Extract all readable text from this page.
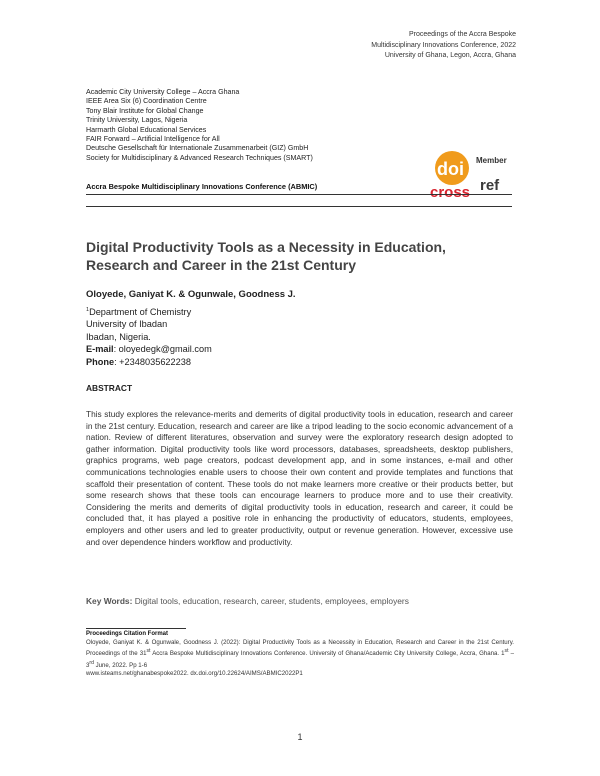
Proceedings of the Accra Bespoke
Multidisciplinary Innovations Conference, 2022
University of Ghana, Legon, Accra, Ghana
Academic City University College – Accra Ghana
IEEE Area Six (6) Coordination Centre
Tony Blair Institute for Global Change
Trinity University, Lagos, Nigeria
Harmarth Global Educational Services
FAIR Forward – Artificial Intelligence for All
Deutsche Gesellschaft für Internationale Zusammenarbeit (GIZ) GmbH
Society for Multidisciplinary & Advanced Research Techniques (SMART)	Member
doi
cross ref
Accra Bespoke Multidisciplinary Innovations Conference (ABMIC)
Digital Productivity Tools as a Necessity in Education,
Research and Career in the 21st Century
Oloyede, Ganiyat K. & Ogunwale, Goodness J.
$^1$Department of Chemistry
University of Ibadan
Ibadan, Nigeria.
E-mail: oloyedegk@gmail.com
Phone: +2348035622238
ABSTRACT
This study explores the relevance-merits and demerits of digital productivity tools in education, research and career in the 21st century. Education, research and career are like a tripod leading to the socio economic advancement of a nation. Review of different literatures, observation and survey were the exploratory research design adopted to gather information. Digital productivity tools like word processors, databases, spreadsheets, desktop publishers, graphics programs, web page creators, podcast development app, and in some instances, e-mail and other communications technologies enable users to choose their own content and provide templates and functions that scaffold their presentation of content. These tools do not make learners more creative or their products better, but some research shows that these tools can encourage learners to produce more and to use their creativity. Considering the merits and demerits of digital productivity tools in education, research and career, it could be concluded that, it has played a positive role in enhancing the productivity of educators, students, employees, employers and other users and led to greater productivity, output or revenue generation. However, excessive use and over dependence hinders workflow and productivity.
Key Words: Digital tools, education, research, career, students, employees, employers
Proceedings Citation Format
Oloyede, Ganiyat K. & Ogunwale, Goodness J. (2022): Digital Productivity Tools as a Necessity in Education, Research and Career in the 21st Century. Proceedings of the 31st Accra Bespoke Multidisciplinary Innovations Conference. University of Ghana/Academic City University College, Accra, Ghana. 1st – 3rd June, 2022. Pp 1-6
www.isteams.net/ghanabespoke2022. dx.doi.org/10.22624/AIMS/ABMIC2022P1
1
